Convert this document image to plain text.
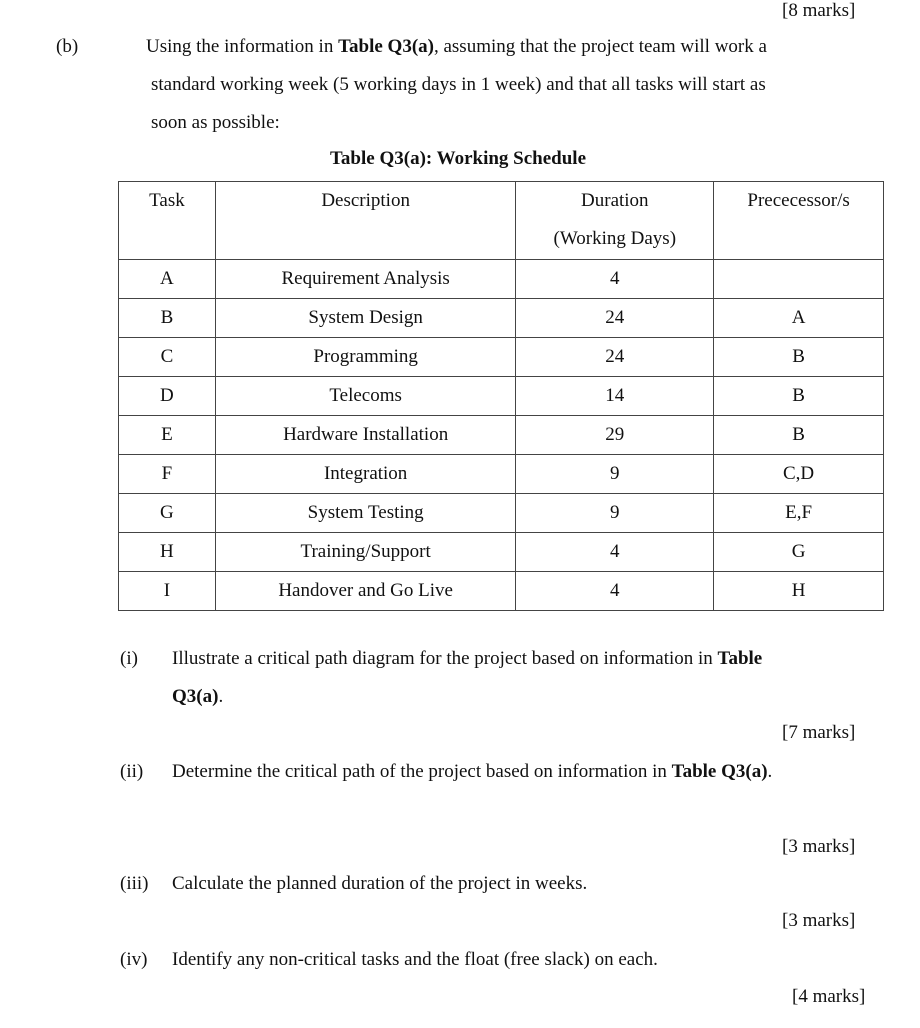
[8 marks]
(b)	Using the information in Table Q3(a), assuming that the project team will work a
standard working week (5 working days in 1 week) and that all tasks will start as
soon as possible:
Table Q3(a): Working Schedule
Task	Description	Duration
(Working Days)	Prececessor/s
A	Requirement Analysis	4	
B	System Design	24	A
C	Programming	24	B
D	Telecoms	14	B
E	Hardware Installation	29	B
F	Integration	9	C,D
G	System Testing	9	E,F
H	Training/Support	4	G
I	Handover and Go Live	4	H
(i) Illustrate a critical path diagram for the project based on information in Table
Q3(a).
[7 marks]
(ii) Determine the critical path of the project based on information in Table Q3(a).
[3 marks]
(iii) Calculate the planned duration of the project in weeks.
[3 marks]
(iv) Identify any non-critical tasks and the float (free slack) on each.
[4 marks]
